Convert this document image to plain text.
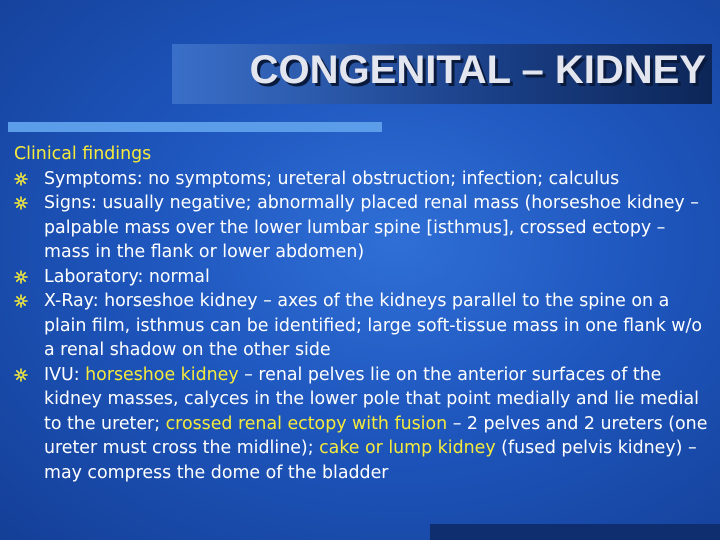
CONGENITAL – KIDNEY

Clinical findings

Symptoms: no symptoms; ureteral obstruction; infection; calculus
Signs: usually negative; abnormally placed renal mass (horseshoe kidney – palpable mass over the lower lumbar spine [isthmus], crossed ectopy – mass in the flank or lower abdomen)
Laboratory: normal
X-Ray: horseshoe kidney – axes of the kidneys parallel to the spine on a plain film, isthmus can be identified; large soft-tissue mass in one flank w/o a renal shadow on the other side
IVU: horseshoe kidney – renal pelves lie on the anterior surfaces of the kidney masses, calyces in the lower pole that point medially and lie medial to the ureter; crossed renal ectopy with fusion – 2 pelves and 2 ureters (one ureter must cross the midline); cake or lump kidney (fused pelvis kidney) – may compress the dome of the bladder
